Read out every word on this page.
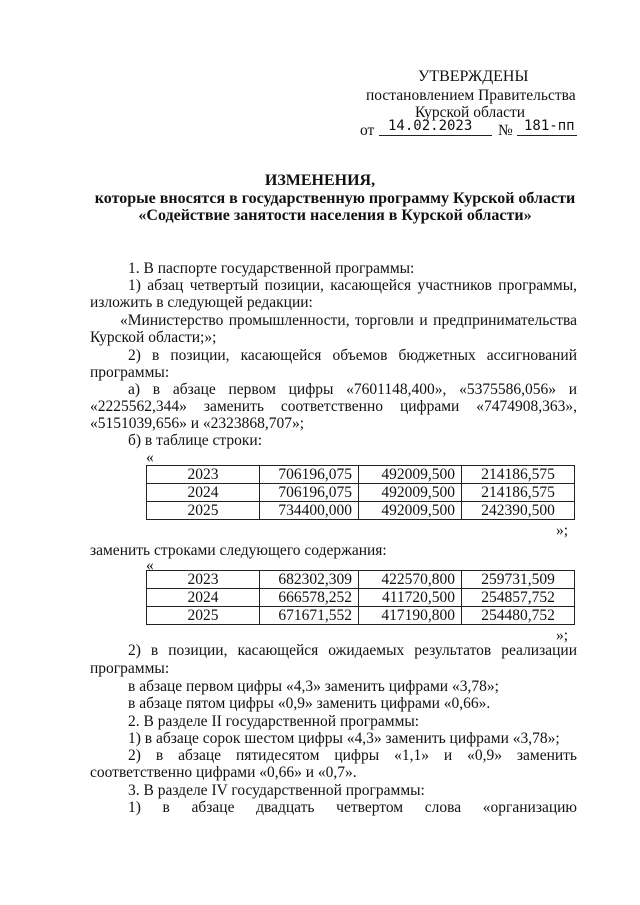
УТВЕРЖДЕНЫ
постановлением Правительства
Курской области
от 14.02.2023 № 181-пп
ИЗМЕНЕНИЯ,
которые вносятся в государственную программу Курской области
«Содействие занятости населения в Курской области»
1. В паспорте государственной программы:
1) абзац четвертый позиции, касающейся участников программы,
изложить в следующей редакции:
«Министерство промышленности, торговли и предпринимательства
Курской области;»;
2) в позиции, касающейся объемов бюджетных ассигнований
программы:
а) в абзаце первом цифры «7601148,400», «5375586,056» и
«2225562,344» заменить соответственно цифрами «7474908,363»,
«5151039,656» и «2323868,707»;
б) в таблице строки:
«
2023	706196,075	492009,500	214186,575
2024	706196,075	492009,500	214186,575
2025	734400,000	492009,500	242390,500
»;
заменить строками следующего содержания:
«
2023	682302,309	422570,800	259731,509
2024	666578,252	411720,500	254857,752
2025	671671,552	417190,800	254480,752
»;
2) в позиции, касающейся ожидаемых результатов реализации
программы:
в абзаце первом цифры «4,3» заменить цифрами «3,78»;
в абзаце пятом цифры «0,9» заменить цифрами «0,66».
2. В разделе II государственной программы:
1) в абзаце сорок шестом цифры «4,3» заменить цифрами «3,78»;
2) в абзаце пятидесятом цифры «1,1» и «0,9» заменить
соответственно цифрами «0,66» и «0,7».
3. В разделе IV государственной программы:
1) в абзаце двадцать четвертом слова «организацию
